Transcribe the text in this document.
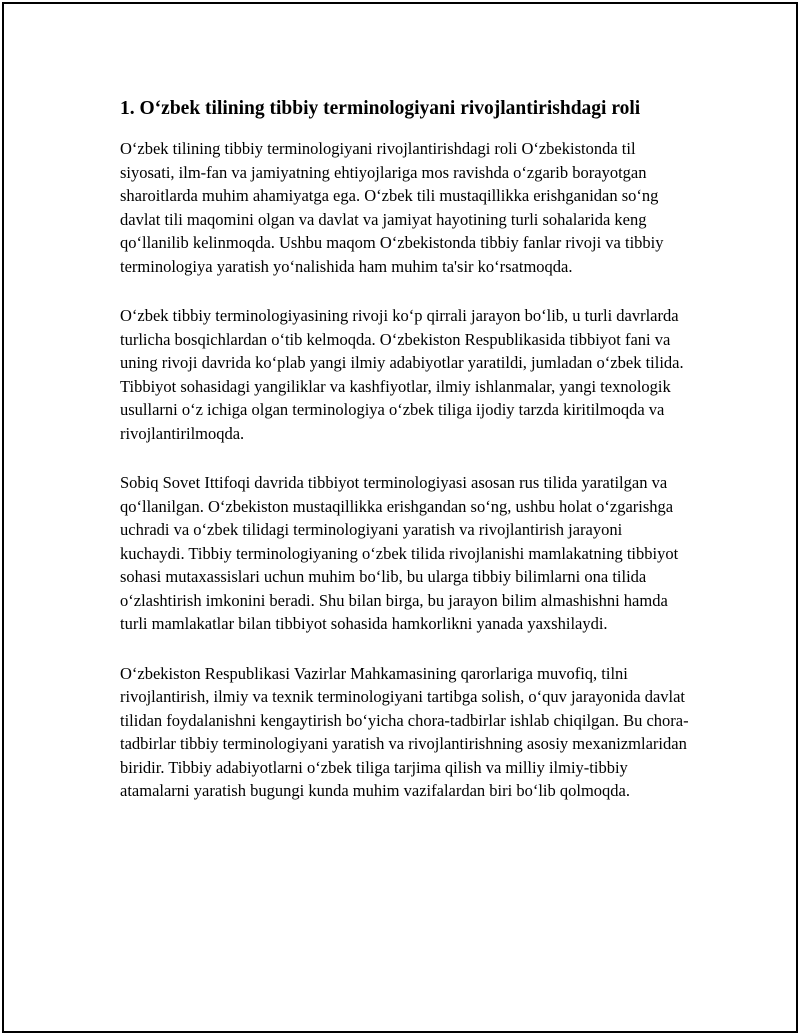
1. O‘zbek tilining tibbiy terminologiyani rivojlantirishdagi roli

O‘zbek tilining tibbiy terminologiyani rivojlantirishdagi roli O‘zbekistonda til siyosati, ilm-fan va jamiyatning ehtiyojlariga mos ravishda o‘zgarib borayotgan sharoitlarda muhim ahamiyatga ega. O‘zbek tili mustaqillikka erishganidan so‘ng davlat tili maqomini olgan va davlat va jamiyat hayotining turli sohalarida keng qo‘llanilib kelinmoqda. Ushbu maqom O‘zbekistonda tibbiy fanlar rivoji va tibbiy terminologiya yaratish yo‘nalishida ham muhim ta'sir ko‘rsatmoqda.

O‘zbek tibbiy terminologiyasining rivoji ko‘p qirrali jarayon bo‘lib, u turli davrlarda turlicha bosqichlardan o‘tib kelmoqda. O‘zbekiston Respublikasida tibbiyot fani va uning rivoji davrida ko‘plab yangi ilmiy adabiyotlar yaratildi, jumladan o‘zbek tilida. Tibbiyot sohasidagi yangiliklar va kashfiyotlar, ilmiy ishlanmalar, yangi texnologik usullarni o‘z ichiga olgan terminologiya o‘zbek tiliga ijodiy tarzda kiritilmoqda va rivojlantirilmoqda.

Sobiq Sovet Ittifoqi davrida tibbiyot terminologiyasi asosan rus tilida yaratilgan va qo‘llanilgan. O‘zbekiston mustaqillikka erishgandan so‘ng, ushbu holat o‘zgarishga uchradi va o‘zbek tilidagi terminologiyani yaratish va rivojlantirish jarayoni kuchaydi. Tibbiy terminologiyaning o‘zbek tilida rivojlanishi mamlakatning tibbiyot sohasi mutaxassislari uchun muhim bo‘lib, bu ularga tibbiy bilimlarni ona tilida o‘zlashtirish imkonini beradi. Shu bilan birga, bu jarayon bilim almashishni hamda turli mamlakatlar bilan tibbiyot sohasida hamkorlikni yanada yaxshilaydi.

O‘zbekiston Respublikasi Vazirlar Mahkamasining qarorlariga muvofiq, tilni rivojlantirish, ilmiy va texnik terminologiyani tartibga solish, o‘quv jarayonida davlat tilidan foydalanishni kengaytirish bo‘yicha chora-tadbirlar ishlab chiqilgan. Bu chora-tadbirlar tibbiy terminologiyani yaratish va rivojlantirishning asosiy mexanizmlaridan biridir. Tibbiy adabiyotlarni o‘zbek tiliga tarjima qilish va milliy ilmiy-tibbiy atamalarni yaratish bugungi kunda muhim vazifalardan biri bo‘lib qolmoqda.
